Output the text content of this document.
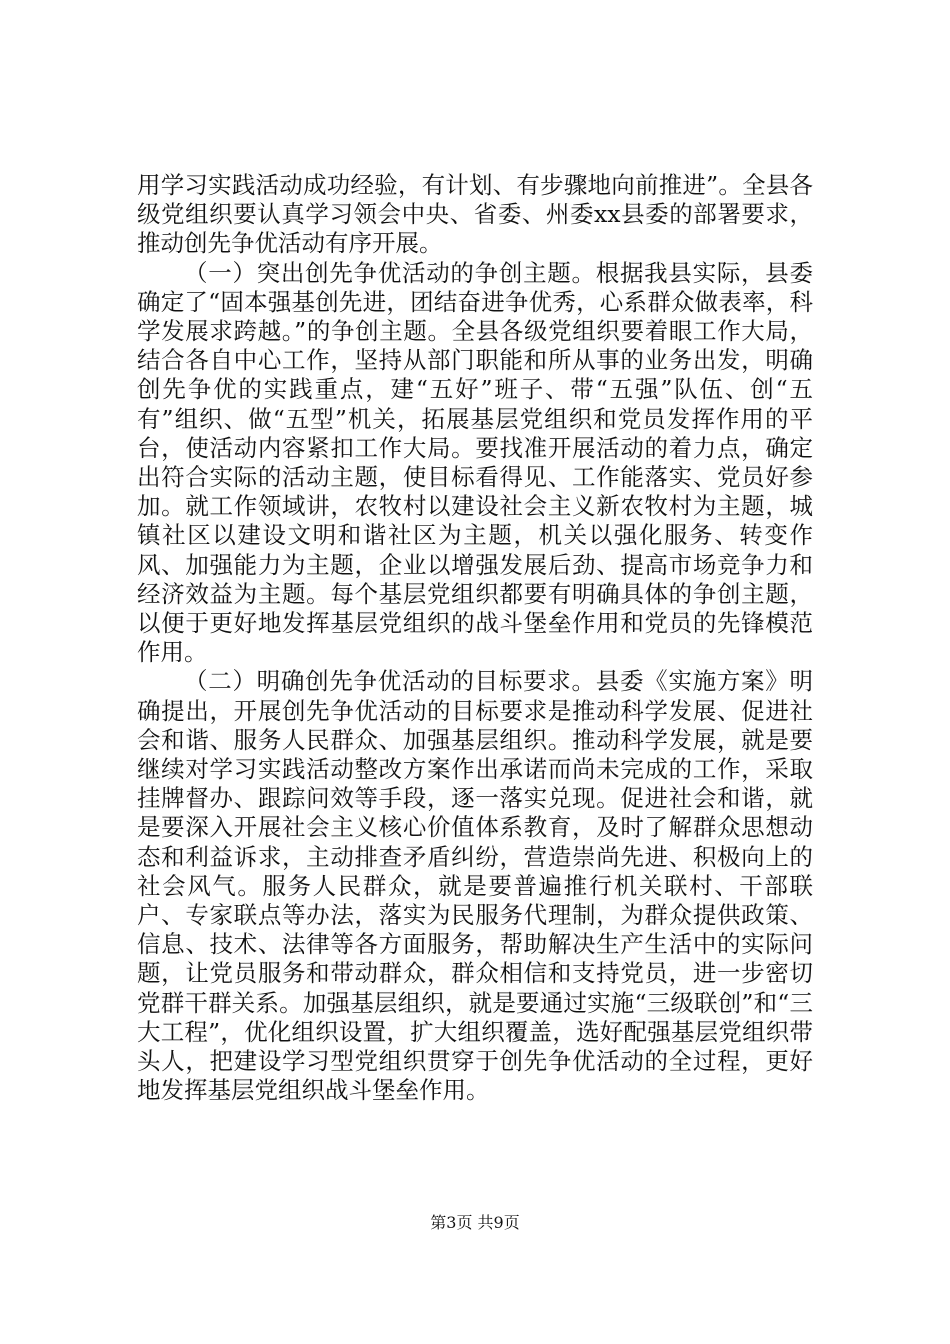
用学习实践活动成功经验，有计划、有步骤地向前推进”。全县各级党组织要认真学习领会中央、省委、州委xx县委的部署要求，推动创先争优活动有序开展。

（一）突出创先争优活动的争创主题。根据我县实际，县委确定了“固本强基创先进，团结奋进争优秀，心系群众做表率，科学发展求跨越。”的争创主题。全县各级党组织要着眼工作大局，结合各自中心工作，坚持从部门职能和所从事的业务出发，明确创先争优的实践重点，建“五好”班子、带“五强”队伍、创“五有”组织、做“五型”机关，拓展基层党组织和党员发挥作用的平台，使活动内容紧扣工作大局。要找准开展活动的着力点，确定出符合实际的活动主题，使目标看得见、工作能落实、党员好参加。就工作领域讲，农牧村以建设社会主义新农牧村为主题，城镇社区以建设文明和谐社区为主题，机关以强化服务、转变作风、加强能力为主题，企业以增强发展后劲、提高市场竞争力和经济效益为主题。每个基层党组织都要有明确具体的争创主题，以便于更好地发挥基层党组织的战斗堡垒作用和党员的先锋模范作用。

（二）明确创先争优活动的目标要求。县委《实施方案》明确提出，开展创先争优活动的目标要求是推动科学发展、促进社会和谐、服务人民群众、加强基层组织。推动科学发展，就是要继续对学习实践活动整改方案作出承诺而尚未完成的工作，采取挂牌督办、跟踪问效等手段，逐一落实兑现。促进社会和谐，就是要深入开展社会主义核心价值体系教育，及时了解群众思想动态和利益诉求，主动排查矛盾纠纷，营造崇尚先进、积极向上的社会风气。服务人民群众，就是要普遍推行机关联村、干部联户、专家联点等办法，落实为民服务代理制，为群众提供政策、信息、技术、法律等各方面服务，帮助解决生产生活中的实际问题，让党员服务和带动群众，群众相信和支持党员，进一步密切党群干群关系。加强基层组织，就是要通过实施“三级联创”和“三大工程”，优化组织设置，扩大组织覆盖，选好配强基层党组织带头人，把建设学习型党组织贯穿于创先争优活动的全过程，更好地发挥基层党组织战斗堡垒作用。

第3页 共9页
